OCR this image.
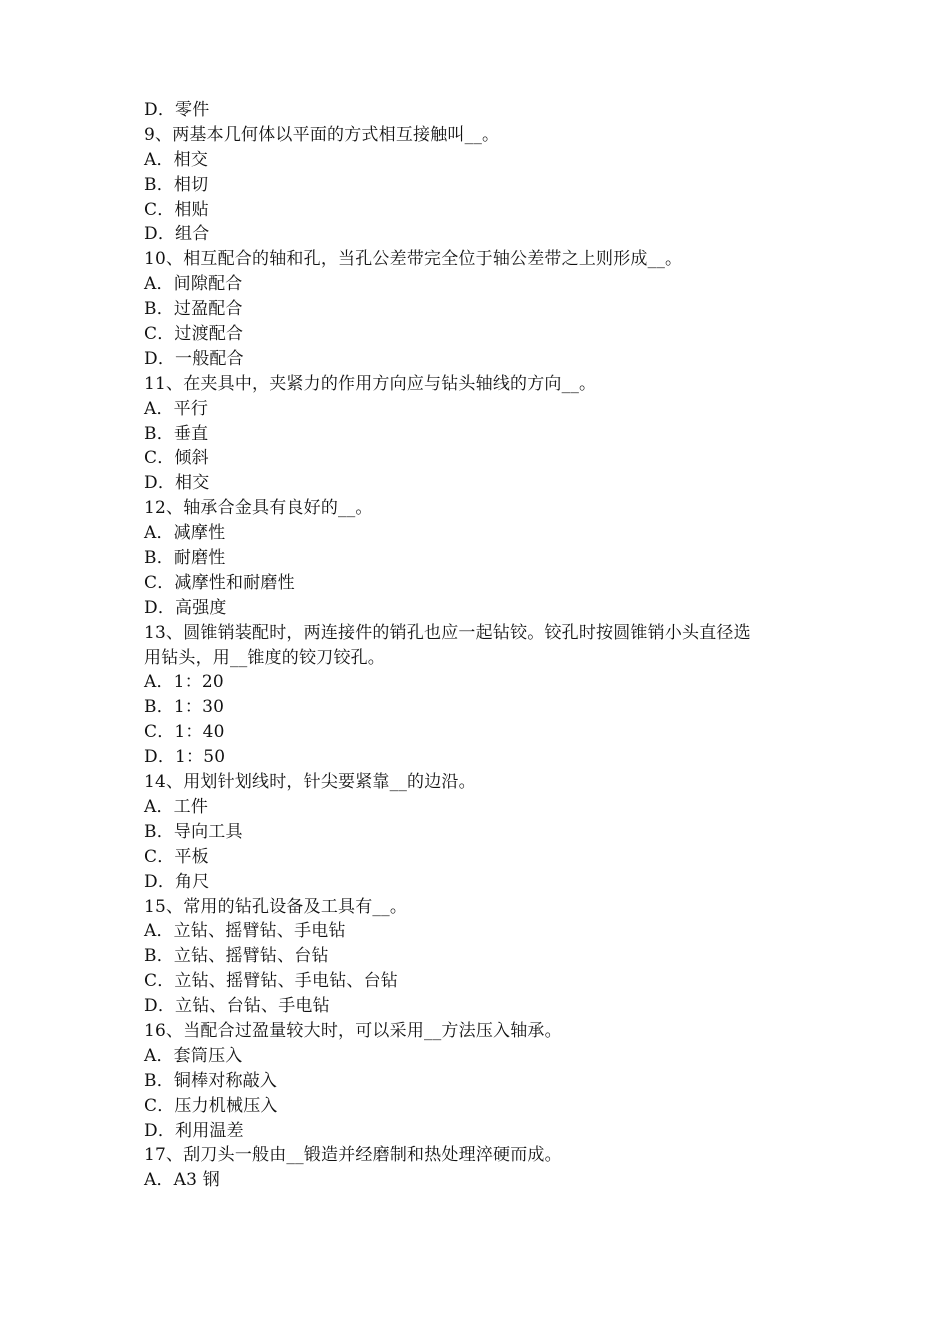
D．零件
9、两基本几何体以平面的方式相互接触叫__。
A．相交
B．相切
C．相贴
D．组合
10、相互配合的轴和孔，当孔公差带完全位于轴公差带之上则形成__。
A．间隙配合
B．过盈配合
C．过渡配合
D．一般配合
11、在夹具中，夹紧力的作用方向应与钻头轴线的方向__。
A．平行
B．垂直
C．倾斜
D．相交
12、轴承合金具有良好的__。
A．减摩性
B．耐磨性
C．减摩性和耐磨性
D．高强度
13、圆锥销装配时，两连接件的销孔也应一起钻铰。铰孔时按圆锥销小头直径选
用钻头，用__锥度的铰刀铰孔。
A．1：20
B．1：30
C．1：40
D．1：50
14、用划针划线时，针尖要紧靠__的边沿。
A．工件
B．导向工具
C．平板
D．角尺
15、常用的钻孔设备及工具有__。
A．立钻、摇臂钻、手电钻
B．立钻、摇臂钻、台钻
C．立钻、摇臂钻、手电钻、台钻
D．立钻、台钻、手电钻
16、当配合过盈量较大时，可以采用__方法压入轴承。
A．套筒压入
B．铜棒对称敲入
C．压力机械压入
D．利用温差
17、刮刀头一般由__锻造并经磨制和热处理淬硬而成。
A．A3 钢
